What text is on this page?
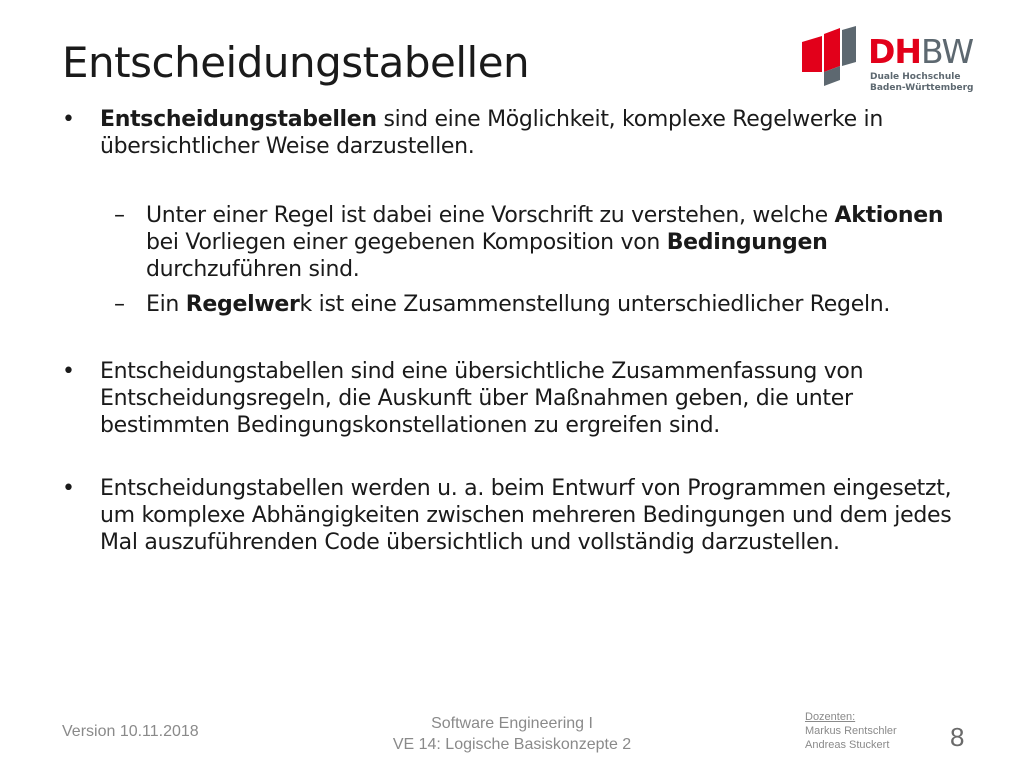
Entscheidungstabellen	DHBW
Duale Hochschule
Baden-Württemberg
• Entscheidungstabellen sind eine Möglichkeit, komplexe Regelwerke in übersichtlicher Weise darzustellen.
– Unter einer Regel ist dabei eine Vorschrift zu verstehen, welche Aktionen bei Vorliegen einer gegebenen Komposition von Bedingungen durchzuführen sind.
– Ein Regelwerk ist eine Zusammenstellung unterschiedlicher Regeln.
• Entscheidungstabellen sind eine übersichtliche Zusammenfassung von Entscheidungsregeln, die Auskunft über Maßnahmen geben, die unter bestimmten Bedingungskonstellationen zu ergreifen sind.
• Entscheidungstabellen werden u. a. beim Entwurf von Programmen eingesetzt, um komplexe Abhängigkeiten zwischen mehreren Bedingungen und dem jedes Mal auszuführenden Code übersichtlich und vollständig darzustellen.
Version 10.11.2018	Software Engineering I
VE 14: Logische Basiskonzepte 2
Dozenten:
Markus Rentschler
Andreas Stuckert 8
